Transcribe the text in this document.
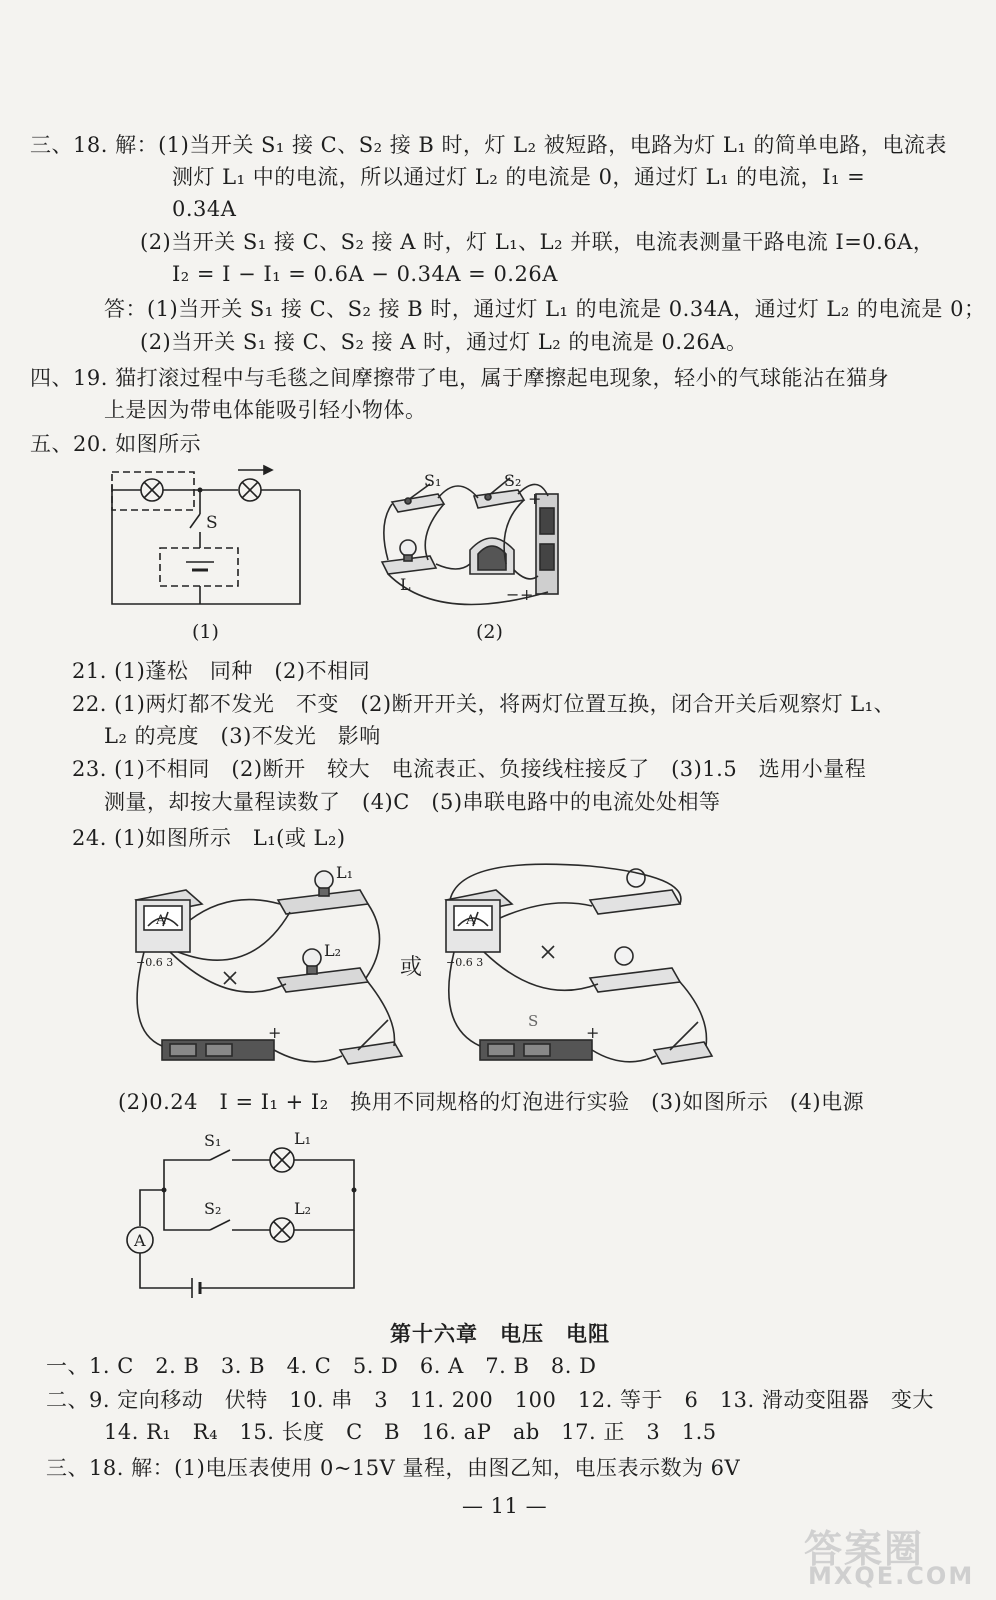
三、18. 解：(1)当开关 S₁ 接 C、S₂ 接 B 时，灯 L₂ 被短路，电路为灯 L₁ 的简单电路，电流表
测灯 L₁ 中的电流，所以通过灯 L₂ 的电流是 0，通过灯 L₁ 的电流，I₁ =
0.34A
(2)当开关 S₁ 接 C、S₂ 接 A 时，灯 L₁、L₂ 并联，电流表测量干路电流 I=0.6A，
I₂ = I − I₁ = 0.6A − 0.34A = 0.26A
答：(1)当开关 S₁ 接 C、S₂ 接 B 时，通过灯 L₁ 的电流是 0.34A，通过灯 L₂ 的电流是 0；
(2)当开关 S₁ 接 C、S₂ 接 A 时，通过灯 L₂ 的电流是 0.26A。
四、19. 猫打滚过程中与毛毯之间摩擦带了电，属于摩擦起电现象，轻小的气球能沾在猫身
上是因为带电体能吸引轻小物体。
五、20. 如图所示
S
(1)
S₁	S₂
L
+
− +
(2)
21. (1)蓬松　同种　(2)不相同
22. (1)两灯都不发光　不变　(2)断开开关，将两灯位置互换，闭合开关后观察灯 L₁、
L₂ 的亮度　(3)不发光　影响
23. (1)不相同　(2)断开　较大　电流表正、负接线柱接反了　(3)1.5　选用小量程
测量，却按大量程读数了　(4)C　(5)串联电路中的电流处处相等
24. (1)如图所示　L₁(或 L₂)
A
−0.6 3
L₁
L₂
+
或
A
−0.6 3
S
+
(2)0.24　I = I₁ + I₂　换用不同规格的灯泡进行实验　(3)如图所示　(4)电源
A
S₁
S₂
L₁
L₂
第十六章　电压　电阻
一、1. C　2. B　3. B　4. C　5. D　6. A　7. B　8. D
二、9. 定向移动　伏特　10. 串　3　11. 200　100　12. 等于　6　13. 滑动变阻器　变大
14. R₁　R₄　15. 长度　C　B　16. aP　ab　17. 正　3　1.5
三、18. 解：(1)电压表使用 0~15V 量程，由图乙知，电压表示数为 6V
— 11 —
答案圈
MXQE.COM
